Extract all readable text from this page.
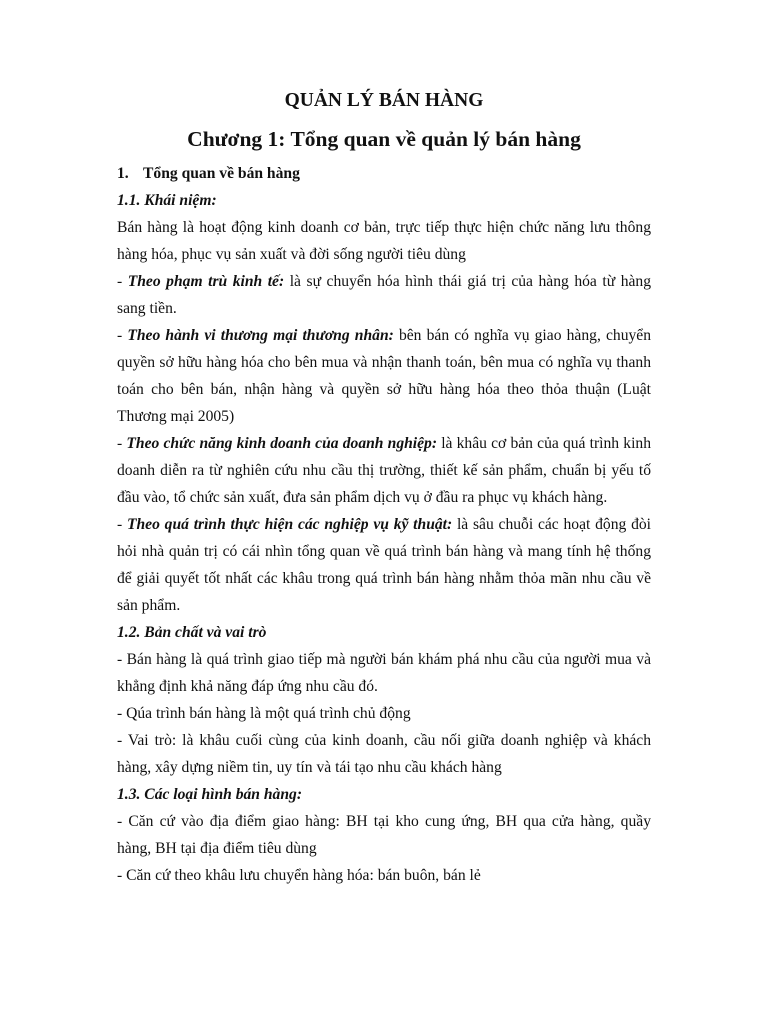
QUẢN LÝ BÁN HÀNG
Chương 1: Tổng quan về quản lý bán hàng
1. Tổng quan về bán hàng
1.1. Khái niệm:
Bán hàng là hoạt động kinh doanh cơ bản, trực tiếp thực hiện chức năng lưu thông hàng hóa, phục vụ sản xuất và đời sống người tiêu dùng
- Theo phạm trù kinh tế: là sự chuyển hóa hình thái giá trị của hàng hóa từ hàng sang tiền.
- Theo hành vi thương mại thương nhân: bên bán có nghĩa vụ giao hàng, chuyển quyền sở hữu hàng hóa cho bên mua và nhận thanh toán, bên mua có nghĩa vụ thanh toán cho bên bán, nhận hàng và quyền sở hữu hàng hóa theo thỏa thuận (Luật Thương mại 2005)
- Theo chức năng kinh doanh của doanh nghiệp: là khâu cơ bản của quá trình kinh doanh diễn ra từ nghiên cứu nhu cầu thị trường, thiết kế sản phẩm, chuẩn bị yếu tố đầu vào, tổ chức sản xuất, đưa sản phẩm dịch vụ ở đầu ra phục vụ khách hàng.
- Theo quá trình thực hiện các nghiệp vụ kỹ thuật: là sâu chuỗi các hoạt động đòi hỏi nhà quản trị có cái nhìn tổng quan về quá trình bán hàng và mang tính hệ thống để giải quyết tốt nhất các khâu trong quá trình bán hàng nhằm thỏa mãn nhu cầu về sản phẩm.
1.2. Bản chất và vai trò
- Bán hàng là quá trình giao tiếp mà người bán khám phá nhu cầu của người mua và khẳng định khả năng đáp ứng nhu cầu đó.
- Qúa trình bán hàng là một quá trình chủ động
- Vai trò: là khâu cuối cùng của kinh doanh, cầu nối giữa doanh nghiệp và khách hàng, xây dựng niềm tin, uy tín và tái tạo nhu cầu khách hàng
1.3. Các loại hình bán hàng:
- Căn cứ vào địa điểm giao hàng: BH tại kho cung ứng, BH qua cửa hàng, quầy hàng, BH tại địa điểm tiêu dùng
- Căn cứ theo khâu lưu chuyển hàng hóa: bán buôn, bán lẻ
